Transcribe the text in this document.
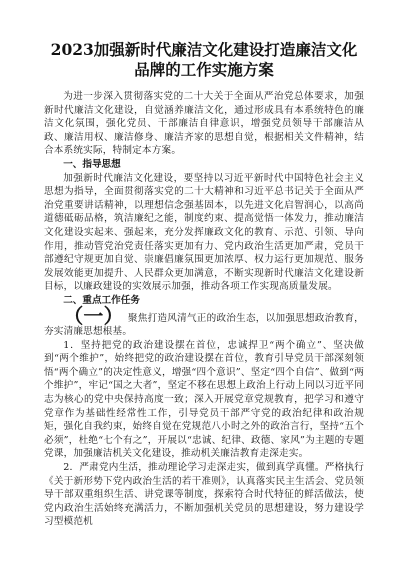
2023加强新时代廉洁文化建设打造廉洁文化
品牌的工作实施方案

为进一步深入贯彻落实党的二十大关于全面从严治党总体要求，加强新时代廉洁文化建设，自觉涵养廉洁文化，通过形成具有本系统特色的廉洁文化氛围，强化党员、干部廉洁自律意识，增强党员领导干部廉洁从政、廉洁用权、廉洁修身、廉洁齐家的思想自觉，根据相关文件精神，结合本系统实际，特制定本方案。

一、指导思想

加强新时代廉洁文化建设，要坚持以习近平新时代中国特色社会主义思想为指导，全面贯彻落实党的二十大精神和习近平总书记关于全面从严治党重要讲话精神，以理想信念强基固本，以先进文化启智润心，以高尚道德砥砺品格，筑洁廉纪之能，制度约束、提高觉悟一体发力，推动廉洁文化建设实起来、强起来，充分发挥廉政文化的教育、示范、引领、导向作用，推动管党治党责任落实更加有力、党内政治生活更加严肃，党员干部遵纪守规更加自觉、崇廉倡廉氛围更加浓厚、权力运行更加规范、服务发展效能更加提升、人民群众更加满意，不断实现新时代廉洁文化建设新目标，以廉政建设的实效展示加强，推动各项工作实现高质量发展。

二、重点工作任务

（一） 聚焦打造风清气正的政治生态，以加强思想政治教育，夯实清廉思想根基。

1．坚持把党的政治建设摆在首位，忠诚捍卫“两个确立”、坚决做到“两个维护”，始终把党的政治建设摆在首位，教育引导党员干部深刻领悟“两个确立”的决定性意义，增强“四个意识”、坚定“四个自信”、做到“两个维护”，牢记“国之大者”，坚定不移在思想上政治上行动上同以习近平同志为核心的党中央保持高度一致；深入开展党章党规教育，把学习和遵守党章作为基础性经常性工作，引导党员干部严守党的政治纪律和政治规矩，强化自我约束，始终自觉在党规范八小时之外的政治言行，坚持“五个必须”，杜绝“七个有之”，开展以“忠诚、纪律、政德、家风”为主题的专题党课，加强廉洁机关文化建设，推动机关廉洁教育走深走实。

2．严肃党内生活，推动理论学习走深走实，做到真学真懂。严格执行《关于新形势下党内政治生活的若干准则》，认真落实民主生活会、党员领导干部双重组织生活、讲党课等制度，探索符合时代特征的鲜活做法，使党内政治生活始终充满活力，不断加强机关党员的思想建设，努力建设学习型模范机
